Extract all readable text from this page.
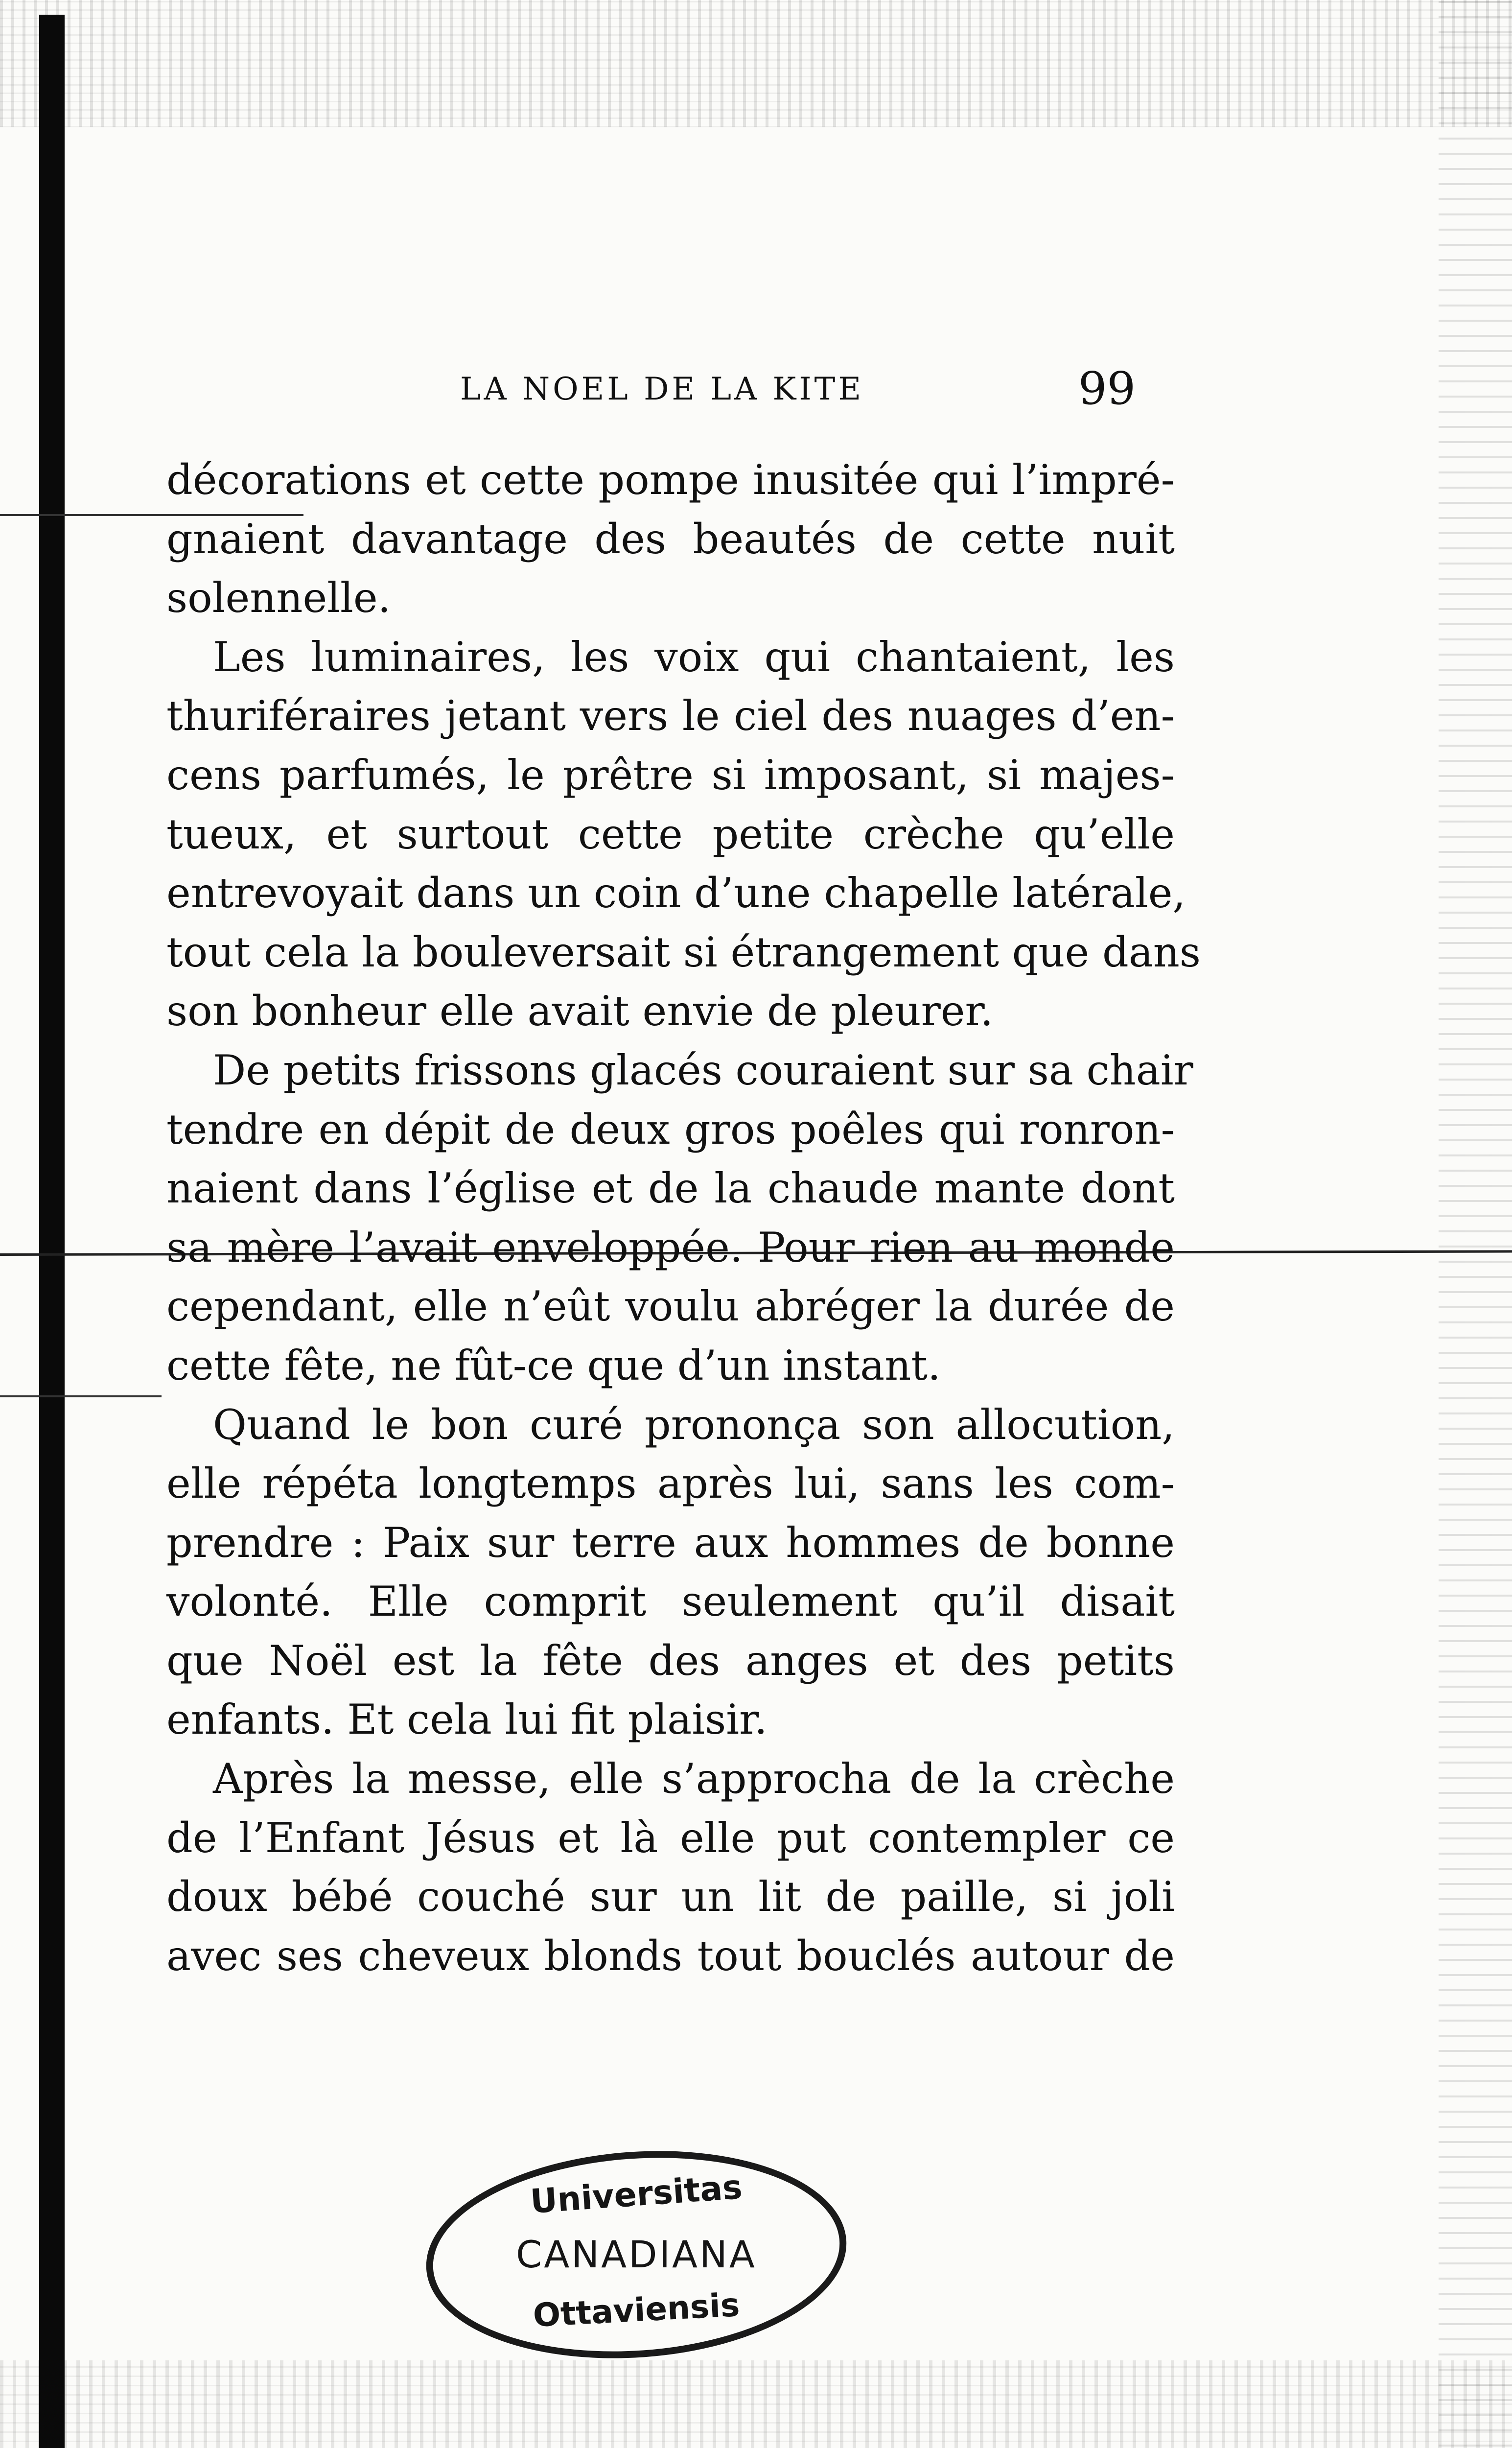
LA NOEL DE LA KITE	99
décorations et cette pompe inusitée qui l’impré-
gnaient davantage des beautés de cette nuit
solennelle.
Les luminaires, les voix qui chantaient, les
thuriféraires jetant vers le ciel des nuages d’en-
cens parfumés, le prêtre si imposant, si majes-
tueux, et surtout cette petite crèche qu’elle
entrevoyait dans un coin d’une chapelle latérale,
tout cela la bouleversait si étrangement que dans
son bonheur elle avait envie de pleurer.
De petits frissons glacés couraient sur sa chair
tendre en dépit de deux gros poêles qui ronron-
naient dans l’église et de la chaude mante dont
sa mère l’avait enveloppée. Pour rien au monde
cependant, elle n’eût voulu abréger la durée de
cette fête, ne fût-ce que d’un instant.
Quand le bon curé prononça son allocution,
elle répéta longtemps après lui, sans les com-
prendre : Paix sur terre aux hommes de bonne
volonté. Elle comprit seulement qu’il disait
que Noël est la fête des anges et des petits
enfants. Et cela lui fit plaisir.
Après la messe, elle s’approcha de la crèche
de l’Enfant Jésus et là elle put contempler ce
doux bébé couché sur un lit de paille, si joli
avec ses cheveux blonds tout bouclés autour de
Universitas
CANADIANA
Ottaviensis
